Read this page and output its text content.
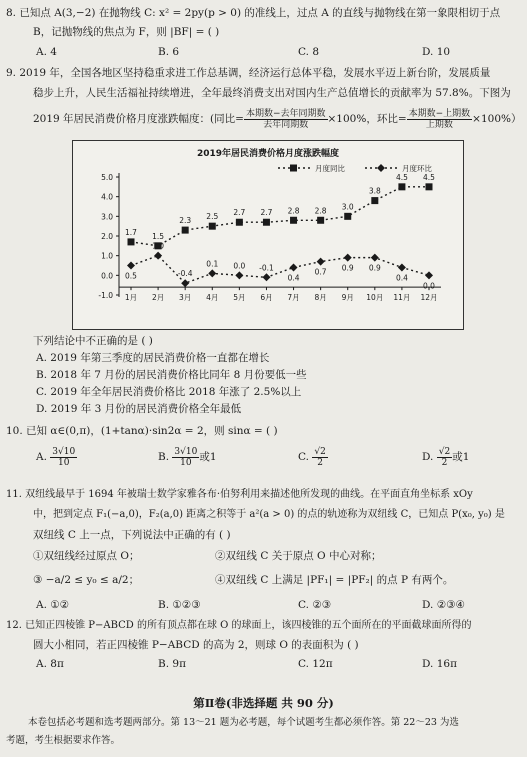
8. 已知点 A(3,−2) 在抛物线 C: x² = 2py(p > 0) 的准线上，过点 A 的直线与抛物线在第一象限相切于点
B，记抛物线的焦点为 F，则 |BF| = ( )
A. 4	B. 6	C. 8	D. 10
9. 2019 年，全国各地区坚持稳重求进工作总基调，经济运行总体平稳，发展水平迈上新台阶，发展质量
稳步上升，人民生活福祉持续增进，全年最终消费支出对国内生产总值增长的贡献率为 57.8%。下图为
2019 年居民消费价格月度涨跌幅度：(同比= $\frac{\text{本期数−去年同期数}}{\text{去年同期数}} \times 100\%$，环比= $\frac{\text{本期数−上期数}}{\text{上期数}} \times 100\%$）
2019年居民消费价格月度涨跌幅度
月度同比	月度环比
5.0
4.0
3.0
2.0
1.0
0.0
-1.0 1月 2月 3月 4月 5月 6月 7月 8月 9月 10月 11月 12月
1.7 1.5
2.3 2.5 2.7 2.7 2.8 2.8 3.0
3.8
4.5 4.5
0.5
1.0
-0.4
0.1 0.0 -0.1
0.4
0.7 0.9 0.9
0.4
0.0
下列结论中不正确的是 ( )
A. 2019 年第三季度的居民消费价格一直都在增长
B. 2018 年 7 月份的居民消费价格比同年 8 月份要低一些
C. 2019 年全年居民消费价格比 2018 年涨了 2.5%以上
D. 2019 年 3 月份的居民消费价格全年最低
10. 已知 α∈(0,π)，(1+tanα)·sin2α = 2，则 sinα = ( )
A. $\frac{3√10}{10}$	B. $\frac{3√10}{10}$ 或1	C. $\frac{√2}{2}$	D. $\frac{√2}{2}$ 或1
11. 双纽线最早于 1694 年被瑞士数学家雅各布·伯努利用来描述他所发现的曲线。在平面直角坐标系 xOy
中，把到定点 F₁(−a,0)，F₂(a,0) 距离之积等于 a²(a > 0) 的点的轨迹称为双纽线 C，已知点 P(x₀, y₀) 是
双纽线 C 上一点，下列说法中正确的有 ( )
①双纽线经过原点 O；	②双纽线 C 关于原点 O 中心对称；
③ −a/2 ≤ y₀ ≤ a/2；	④双纽线 C 上满足 |PF₁| = |PF₂| 的点 P 有两个。
A. ①②	B. ①②③	C. ②③	D. ②③④
12. 已知正四棱锥 P−ABCD 的所有顶点都在球 O 的球面上，该四棱锥的五个面所在的平面截球面所得的
圆大小相同，若正四棱锥 P−ABCD 的高为 2，则球 O 的表面积为 ( )
A. 8π	B. 9π	C. 12π	D. 16π
第Ⅱ卷(非选择题 共 90 分)
本卷包括必考题和选考题两部分。第 13～21 题为必考题，每个试题考生都必须作答。第 22～23 为选
考题，考生根据要求作答。
